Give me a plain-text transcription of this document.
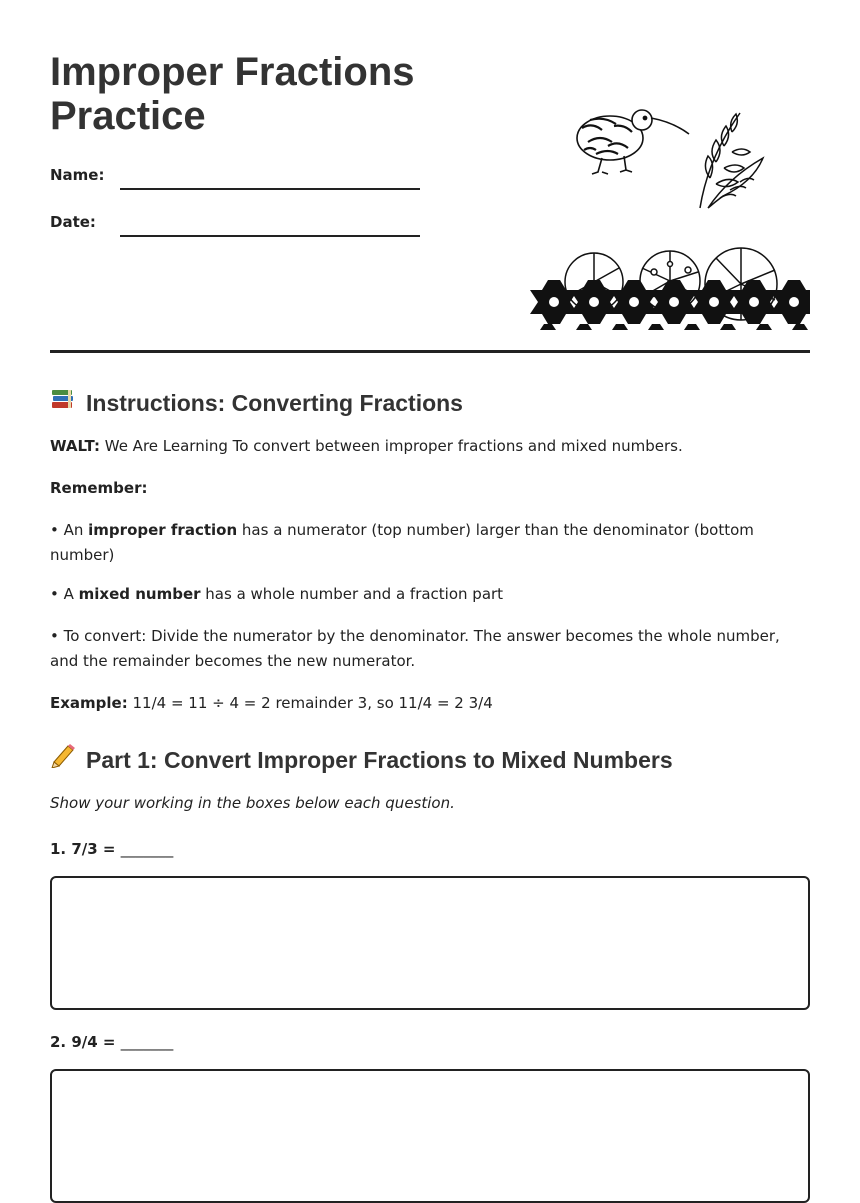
Improper Fractions
Practice
Name:
Date:
Instructions: Converting Fractions

WALT: We Are Learning To convert between improper fractions and mixed numbers.

Remember:

• An improper fraction has a numerator (top number) larger than the denominator (bottom number)

• A mixed number has a whole number and a fraction part

• To convert: Divide the numerator by the denominator. The answer becomes the whole number, and the remainder becomes the new numerator.

Example: 11/4 = 11 ÷ 4 = 2 remainder 3, so 11/4 = 2 3/4

Part 1: Convert Improper Fractions to Mixed Numbers

Show your working in the boxes below each question.

1. 7/3 = _______
2. 9/4 = _______
